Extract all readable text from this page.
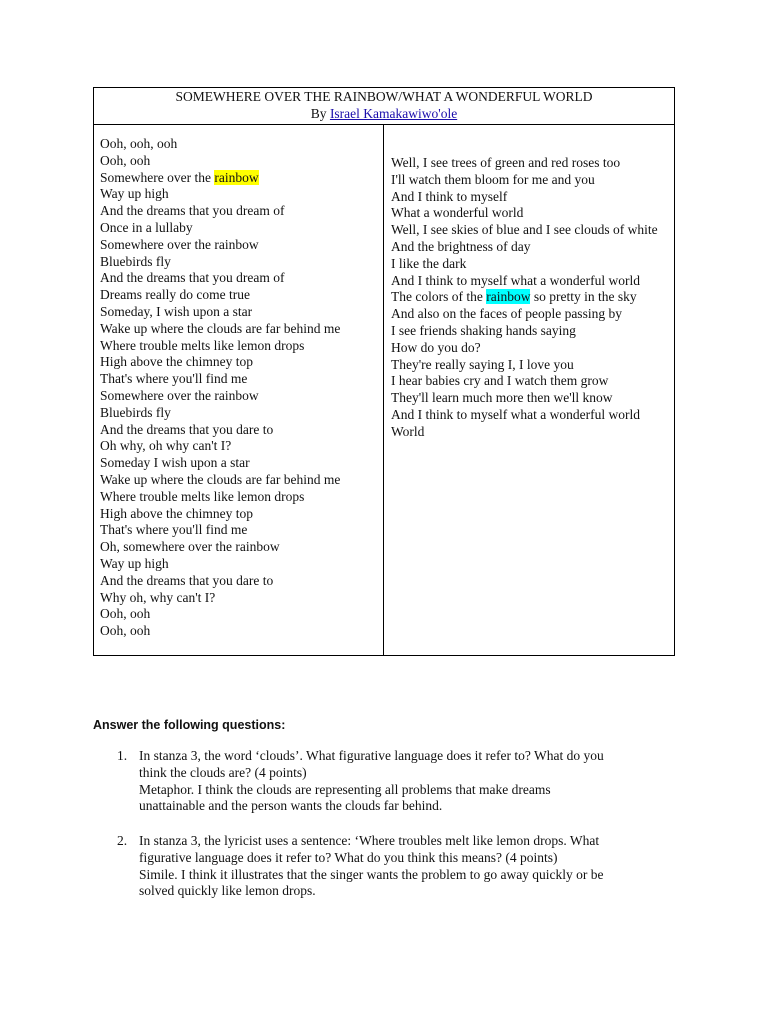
SOMEWHERE OVER THE RAINBOW/WHAT A WONDERFUL WORLD
By Israel Kamakawiwo'ole
Ooh, ooh, ooh
Ooh, ooh
Somewhere over the rainbow
Way up high
And the dreams that you dream of
Once in a lullaby
Somewhere over the rainbow
Bluebirds fly
And the dreams that you dream of
Dreams really do come true
Someday, I wish upon a star
Wake up where the clouds are far behind me
Where trouble melts like lemon drops
High above the chimney top
That's where you'll find me
Somewhere over the rainbow
Bluebirds fly
And the dreams that you dare to
Oh why, oh why can't I?
Someday I wish upon a star
Wake up where the clouds are far behind me
Where trouble melts like lemon drops
High above the chimney top
That's where you'll find me
Oh, somewhere over the rainbow
Way up high
And the dreams that you dare to
Why oh, why can't I?
Ooh, ooh
Ooh, ooh
Well, I see trees of green and red roses too
I'll watch them bloom for me and you
And I think to myself
What a wonderful world
Well, I see skies of blue and I see clouds of white
And the brightness of day
I like the dark
And I think to myself what a wonderful world
The colors of the rainbow so pretty in the sky
And also on the faces of people passing by
I see friends shaking hands saying
How do you do?
They're really saying I, I love you
I hear babies cry and I watch them grow
They'll learn much more then we'll know
And I think to myself what a wonderful world
World
Answer the following questions:
1. In stanza 3, the word ‘clouds’. What figurative language does it refer to? What do you
think the clouds are? (4 points)
Metaphor. I think the clouds are representing all problems that make dreams
unattainable and the person wants the clouds far behind.
2. In stanza 3, the lyricist uses a sentence: ‘Where troubles melt like lemon drops. What
figurative language does it refer to? What do you think this means? (4 points)
Simile. I think it illustrates that the singer wants the problem to go away quickly or be
solved quickly like lemon drops.
